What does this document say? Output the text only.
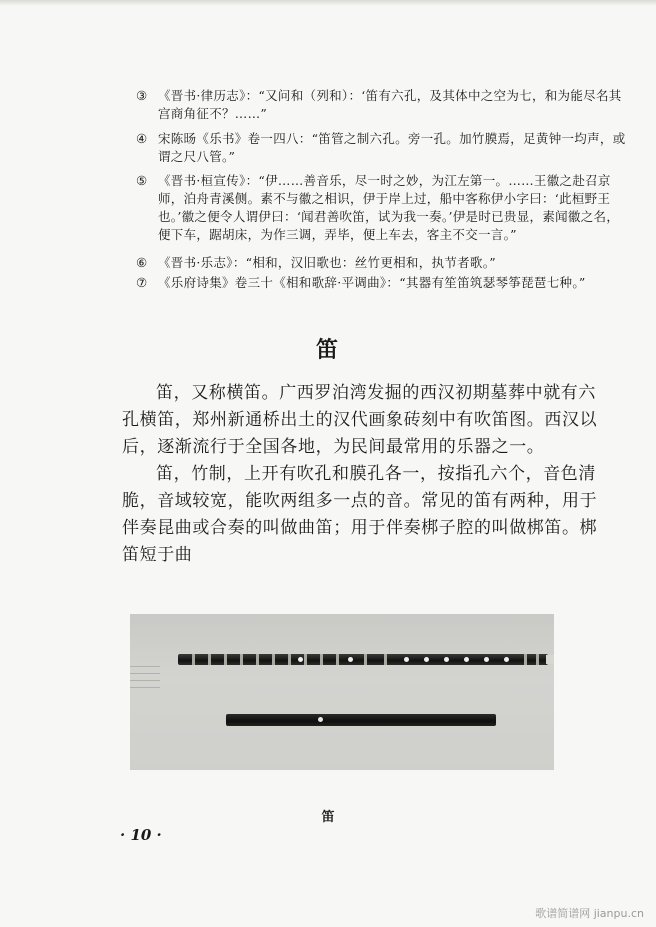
③ 《晋书·律历志》：“又问和（列和）：‘笛有六孔，及其体中之空为七，和为能尽名其宫商角征不？……”
④ 宋陈旸《乐书》卷一四八：“笛管之制六孔。旁一孔。加竹膜焉，足黄钟一均声，或谓之尺八管。”
⑤ 《晋书·桓宣传》：“伊……善音乐，尽一时之妙，为江左第一。……王徽之赴召京师，泊舟青溪侧。素不与徽之相识，伊于岸上过，船中客称伊小字曰：‘此桓野王也。’徽之便令人谓伊曰：‘闻君善吹笛，试为我一奏。’伊是时已贵显，素闻徽之名，便下车，踞胡床，为作三调，弄毕，便上车去，客主不交一言。”
⑥ 《晋书·乐志》：“相和，汉旧歌也：丝竹更相和，执节者歌。”
⑦ 《乐府诗集》卷三十《相和歌辞·平调曲》：“其器有笙笛筑瑟琴筝琵琶七种。”
笛
笛，又称横笛。广西罗泊湾发掘的西汉初期墓葬中就有六孔横笛，郑州新通桥出土的汉代画象砖刻中有吹笛图。西汉以后，逐渐流行于全国各地，为民间最常用的乐器之一。
笛，竹制，上开有吹孔和膜孔各一，按指孔六个，音色清脆，音域较宽，能吹两组多一点的音。常见的笛有两种，用于伴奏昆曲或合奏的叫做曲笛；用于伴奏梆子腔的叫做梆笛。梆笛短于曲

笛
· 10 ·
歌谱简谱网 jianpu.cn
